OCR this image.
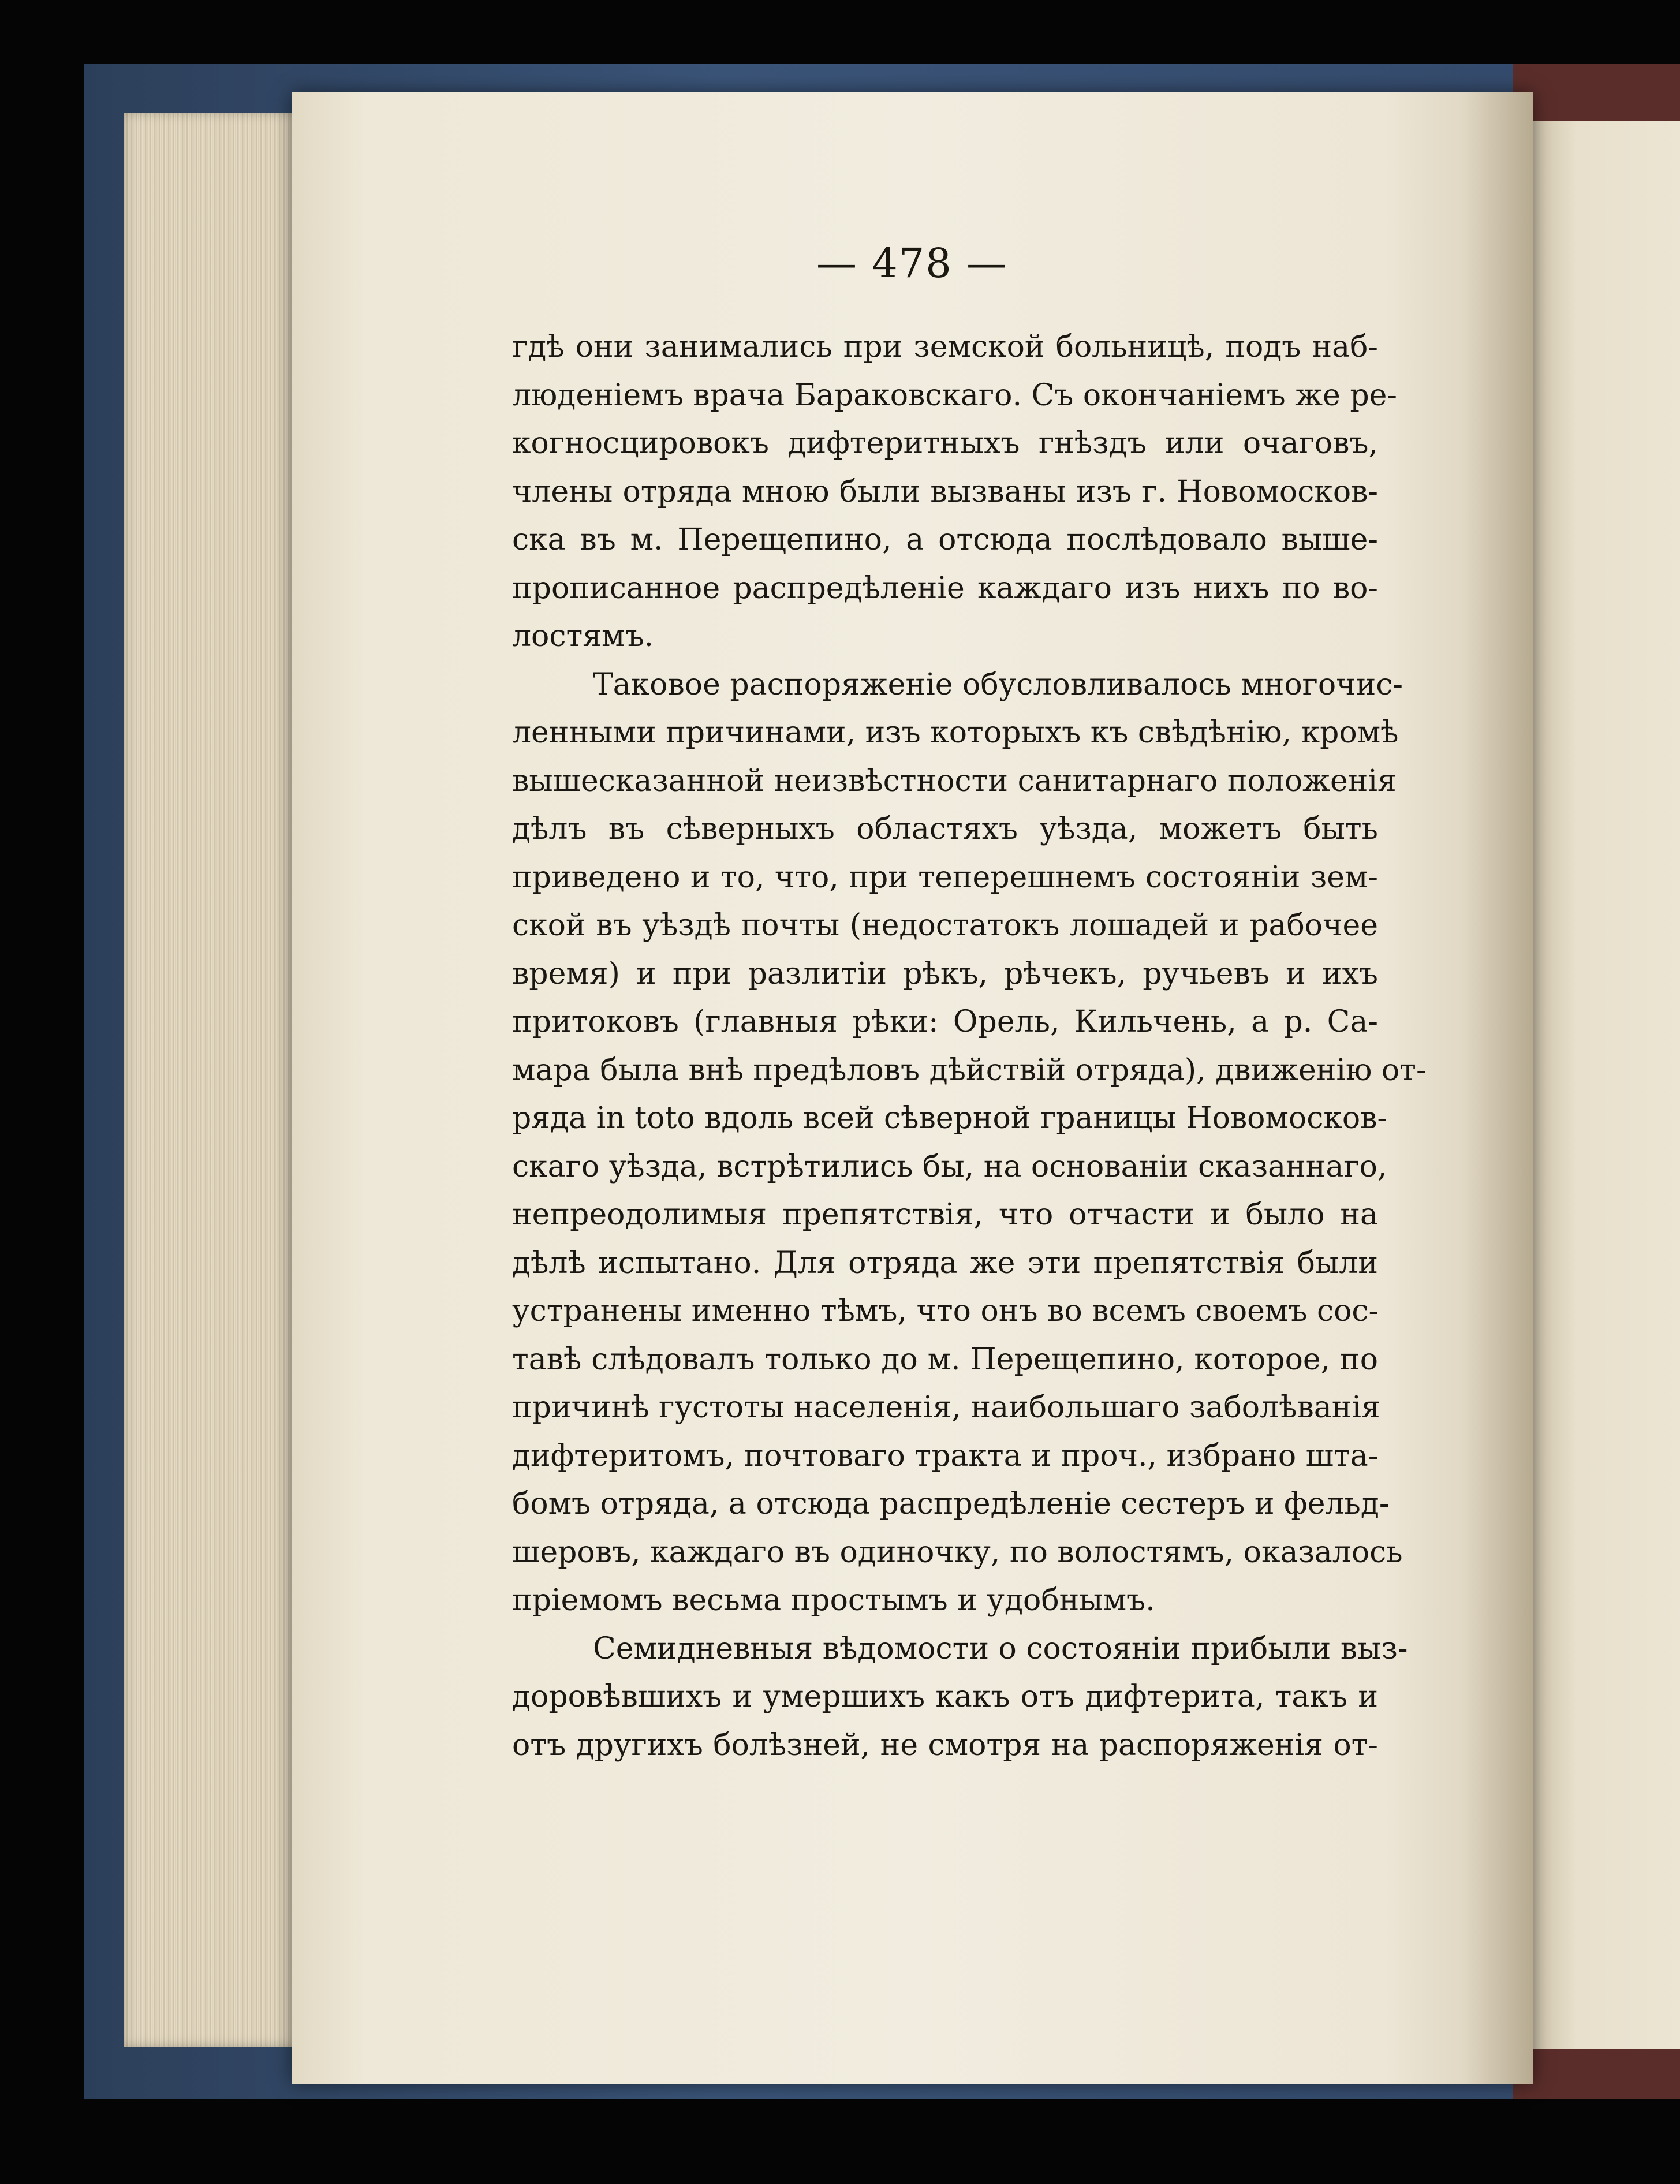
— 478 —
гдѣ они занимались при земской больницѣ, подъ наб-
люденіемъ врача Бараковскаго. Съ окончаніемъ же ре-
когносцировокъ дифтеритныхъ гнѣздъ или очаговъ,
члены отряда мною были вызваны изъ г. Новомосков-
ска въ м. Перещепино, а отсюда послѣдовало выше-
прописанное распредѣленіе каждаго изъ нихъ по во-
лостямъ.
Таковое распоряженіе обусловливалось многочис-
ленными причинами, изъ которыхъ къ свѣдѣнію, кромѣ
вышесказанной неизвѣстности санитарнаго положенія
дѣлъ въ сѣверныхъ областяхъ уѣзда, можетъ быть
приведено и то, что, при теперешнемъ состояніи зем-
ской въ уѣздѣ почты (недостатокъ лошадей и рабочее
время) и при разлитіи рѣкъ, рѣчекъ, ручьевъ и ихъ
притоковъ (главныя рѣки: Орель, Кильчень, а р. Са-
мара была внѣ предѣловъ дѣйствій отряда), движенію от-
ряда in toto вдоль всей сѣверной границы Новомосков-
скаго уѣзда, встрѣтились бы, на основаніи сказаннаго,
непреодолимыя препятствія, что отчасти и было на
дѣлѣ испытано. Для отряда же эти препятствія были
устранены именно тѣмъ, что онъ во всемъ своемъ сос-
тавѣ слѣдовалъ только до м. Перещепино, которое, по
причинѣ густоты населенія, наибольшаго заболѣванія
дифтеритомъ, почтоваго тракта и проч., избрано шта-
бомъ отряда, а отсюда распредѣленіе сестеръ и фельд-
шеровъ, каждаго въ одиночку, по волостямъ, оказалось
пріемомъ весьма простымъ и удобнымъ.
Семидневныя вѣдомости о состояніи прибыли выз-
доровѣвшихъ и умершихъ какъ отъ дифтерита, такъ и
отъ другихъ болѣзней, не смотря на распоряженія от-
